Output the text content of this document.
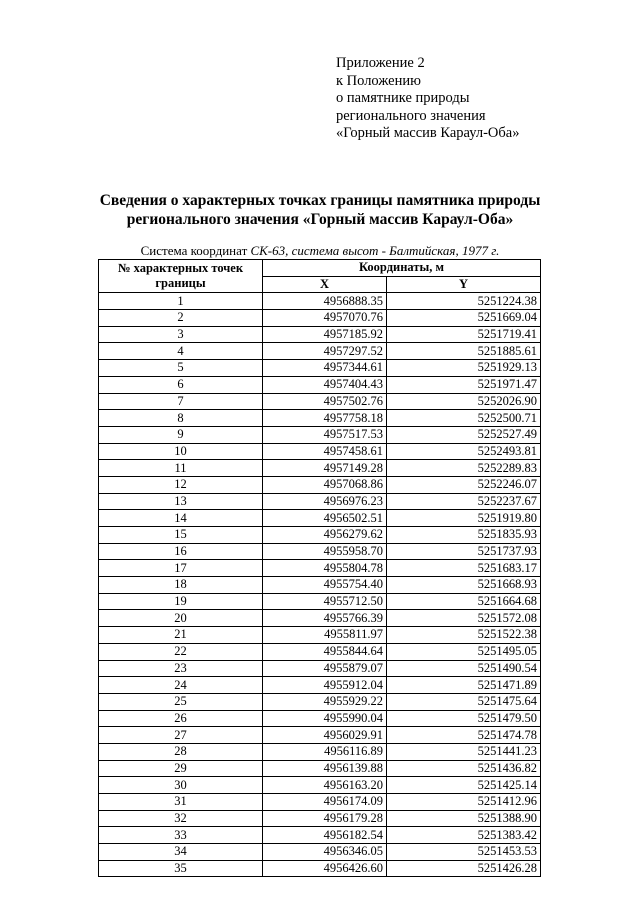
Приложение 2
к Положению
о памятнике природы
регионального значения
«Горный массив Караул-Оба»
Сведения о характерных точках границы памятника природы
регионального значения «Горный массив Караул-Оба»
Система координат СК-63, система высот - Балтийская, 1977 г.
№ характерных точек границы	Координаты, м	
	X	Y
1	4956888.35	5251224.38
2	4957070.76	5251669.04
3	4957185.92	5251719.41
4	4957297.52	5251885.61
5	4957344.61	5251929.13
6	4957404.43	5251971.47
7	4957502.76	5252026.90
8	4957758.18	5252500.71
9	4957517.53	5252527.49
10	4957458.61	5252493.81
11	4957149.28	5252289.83
12	4957068.86	5252246.07
13	4956976.23	5252237.67
14	4956502.51	5251919.80
15	4956279.62	5251835.93
16	4955958.70	5251737.93
17	4955804.78	5251683.17
18	4955754.40	5251668.93
19	4955712.50	5251664.68
20	4955766.39	5251572.08
21	4955811.97	5251522.38
22	4955844.64	5251495.05
23	4955879.07	5251490.54
24	4955912.04	5251471.89
25	4955929.22	5251475.64
26	4955990.04	5251479.50
27	4956029.91	5251474.78
28	4956116.89	5251441.23
29	4956139.88	5251436.82
30	4956163.20	5251425.14
31	4956174.09	5251412.96
32	4956179.28	5251388.90
33	4956182.54	5251383.42
34	4956346.05	5251453.53
35	4956426.60	5251426.28
